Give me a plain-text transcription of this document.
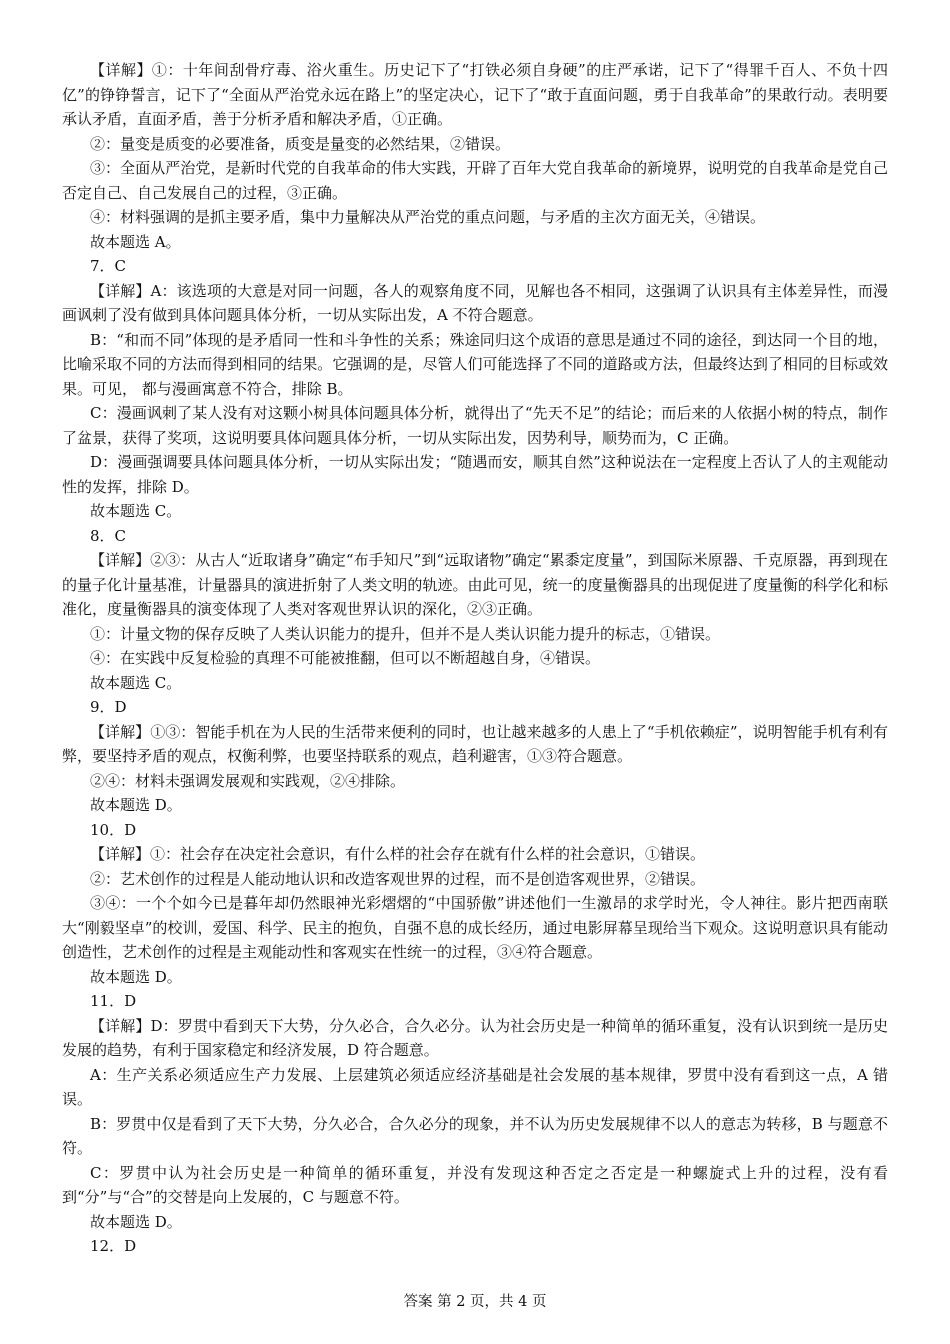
【详解】①：十年间刮骨疗毒、浴火重生。历史记下了“打铁必须自身硬”的庄严承诺，记下了“得罪千百人、不负十四亿”的铮铮誓言，记下了“全面从严治党永远在路上”的坚定决心，记下了“敢于直面问题，勇于自我革命”的果敢行动。表明要承认矛盾，直面矛盾，善于分析矛盾和解决矛盾，①正确。
②：量变是质变的必要准备，质变是量变的必然结果，②错误。
③：全面从严治党，是新时代党的自我革命的伟大实践，开辟了百年大党自我革命的新境界，说明党的自我革命是党自己否定自己、自己发展自己的过程，③正确。
④：材料强调的是抓主要矛盾，集中力量解决从严治党的重点问题，与矛盾的主次方面无关，④错误。
故本题选 A。
7．C
【详解】A：该选项的大意是对同一问题，各人的观察角度不同，见解也各不相同，这强调了认识具有主体差异性，而漫画讽刺了没有做到具体问题具体分析，一切从实际出发，A 不符合题意。
B：“和而不同”体现的是矛盾同一性和斗争性的关系；殊途同归这个成语的意思是通过不同的途径，到达同一个目的地，比喻采取不同的方法而得到相同的结果。它强调的是，尽管人们可能选择了不同的道路或方法，但最终达到了相同的目标或效果。可见， 都与漫画寓意不符合，排除 B。
C：漫画讽刺了某人没有对这颗小树具体问题具体分析，就得出了“先天不足”的结论；而后来的人依据小树的特点，制作了盆景，获得了奖项，这说明要具体问题具体分析，一切从实际出发，因势利导，顺势而为，C 正确。
D：漫画强调要具体问题具体分析，一切从实际出发；“随遇而安，顺其自然”这种说法在一定程度上否认了人的主观能动性的发挥，排除 D。
故本题选 C。
8．C
【详解】②③：从古人“近取诸身”确定“布手知尺”到“远取诸物”确定“累黍定度量”，到国际米原器、千克原器，再到现在的量子化计量基准，计量器具的演进折射了人类文明的轨迹。由此可见，统一的度量衡器具的出现促进了度量衡的科学化和标准化，度量衡器具的演变体现了人类对客观世界认识的深化，②③正确。
①：计量文物的保存反映了人类认识能力的提升，但并不是人类认识能力提升的标志，①错误。
④：在实践中反复检验的真理不可能被推翻，但可以不断超越自身，④错误。
故本题选 C。
9．D
【详解】①③：智能手机在为人民的生活带来便利的同时，也让越来越多的人患上了“手机依赖症”，说明智能手机有利有弊，要坚持矛盾的观点，权衡利弊，也要坚持联系的观点，趋利避害，①③符合题意。
②④：材料未强调发展观和实践观，②④排除。
故本题选 D。
10．D
【详解】①：社会存在决定社会意识，有什么样的社会存在就有什么样的社会意识，①错误。
②：艺术创作的过程是人能动地认识和改造客观世界的过程，而不是创造客观世界，②错误。
③④：一个个如今已是暮年却仍然眼神光彩熠熠的“中国骄傲”讲述他们一生激昂的求学时光，令人神往。影片把西南联大“刚毅坚卓”的校训，爱国、科学、民主的抱负，自强不息的成长经历，通过电影屏幕呈现给当下观众。这说明意识具有能动创造性，艺术创作的过程是主观能动性和客观实在性统一的过程，③④符合题意。
故本题选 D。
11．D
【详解】D：罗贯中看到天下大势，分久必合，合久必分。认为社会历史是一种简单的循环重复，没有认识到统一是历史发展的趋势，有利于国家稳定和经济发展，D 符合题意。
A：生产关系必须适应生产力发展、上层建筑必须适应经济基础是社会发展的基本规律，罗贯中没有看到这一点，A 错误。
B：罗贯中仅是看到了天下大势，分久必合，合久必分的现象，并不认为历史发展规律不以人的意志为转移，B 与题意不符。
C：罗贯中认为社会历史是一种简单的循环重复，并没有发现这种否定之否定是一种螺旋式上升的过程，没有看到“分”与“合”的交替是向上发展的，C 与题意不符。
故本题选 D。
12．D
答案 第 2 页，共 4 页
